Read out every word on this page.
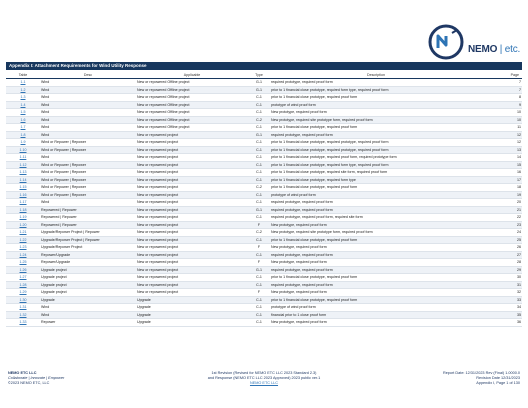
NEMO | etc.
Appendix I: Attachment Requirements for Wind Utility Response
Table	Desc	Applicable	Type	Description	Page
1.1	Wind	New or repowered Offline project	G-1	required prototype, required proof form	7
1.2	Wind	New or repowered Offline project	G-1	prior to 1 financial close prototype, required form type, required proof form	7
1.3	Wind	New or repowered Offline project	C-1	prior to 1 financial close prototype, required proof form	8
1.4	Wind	New or repowered Offline project	C-1	prototype of wind proof form	9
1.5	Wind	New or repowered Offline project	C-1	New prototype, required proof form	10
1.6	Wind	New or repowered Offline project	C-2	New prototype, required site prototype form, required proof form	10
1.7	Wind	New or repowered Offline project	C-1	prior to 1 financial close prototype, required proof form	11
1.8	Wind	New or repowered project	G-1	required prototype, required proof form	12
1.9	Wind or Repower | Repower	New or repowered project	C-1	prior to 1 financial close prototype, required prototype, required proof form	12
1.10	Wind or Repower | Repower	New or repowered project	C-1	prior to 1 financial close prototype, required prototype, required proof form	13
1.11	Wind	New or repowered project	C-1	prior to 1 financial close prototype, required proof form, required prototype form	14
1.12	Wind or Repower | Repower	New or repowered project	C-1	prior to 1 financial close prototype, required form type, required proof form	15
1.13	Wind or Repower | Repower	New or repowered project	C-1	prior to 1 financial close prototype, required site form, required proof form	16
1.14	Wind or Repower | Repower	New or repowered project	C-1	prior to 1 financial close prototype, required form type	17
1.15	Wind or Repower | Repower	New or repowered project	C-2	prior to 1 financial close prototype, required proof form	18
1.16	Wind or Repower | Repower	New or repowered project	C-1	prototype of wind proof form	19
1.17	Wind	New or repowered project	C-1	required prototype, required proof form	20
1.18	Repowered | Repower	New or repowered project	G-1	required prototype, required proof form	21
1.19	Repowered | Repower	New or repowered project	C-1	required prototype, required proof form, required site form	22
1.20	Repowered | Repower	New or repowered project	F	New prototype, required proof form	23
1.21	Upgrade/Repower Project | Repower	New or repowered project	C-2	New prototype, required site prototype form, required proof form	24
1.22	Upgrade/Repower Project | Repower	New or repowered project	C-1	prior to 1 financial close prototype, required proof form	25
1.23	Upgrade/Repower Project	New or repowered project	F	New prototype, required proof form	26
1.24	Repower/Upgrade	New or repowered project	C-1	required prototype, required proof form	27
1.25	Repower/Upgrade	New or repowered project	F	New prototype, required proof form	28
1.26	Upgrade project	New or repowered project	G-1	required prototype, required proof form	29
1.27	Upgrade project	New or repowered project	C-1	prior to 1 financial close prototype, required proof form	30
1.28	Upgrade project	New or repowered project	C-1	required prototype, required proof form	31
1.29	Upgrade project	New or repowered project	F	New prototype, required proof form	32
1.30	Upgrade	Upgrade	C-1	prior to 1 financial close prototype, required proof form	33
1.31	Wind	Upgrade	C-1	prototype of wind proof form	34
1.32	Wind	Upgrade	C-1	financial prior to 1 close proof form	35
1.33	Repower	Upgrade	C-1	New prototype, required proof form	36
NEMO ETC LLC
Collaborate | Innovate | Empower
©2023 NEMO ETC, LLC
1st Revision (Revised for NEMO ETC LLC 2023 Standard 2.3)
and Response (NEMO ETC LLC 2023 Approved) 2023 public ver.1
NEMO ETC LLC
Report Date: 12/31/2023 Rev (Final) 1.0000.0
Revision Date 12/31/2023
Appendix I, Page 1 of 130
